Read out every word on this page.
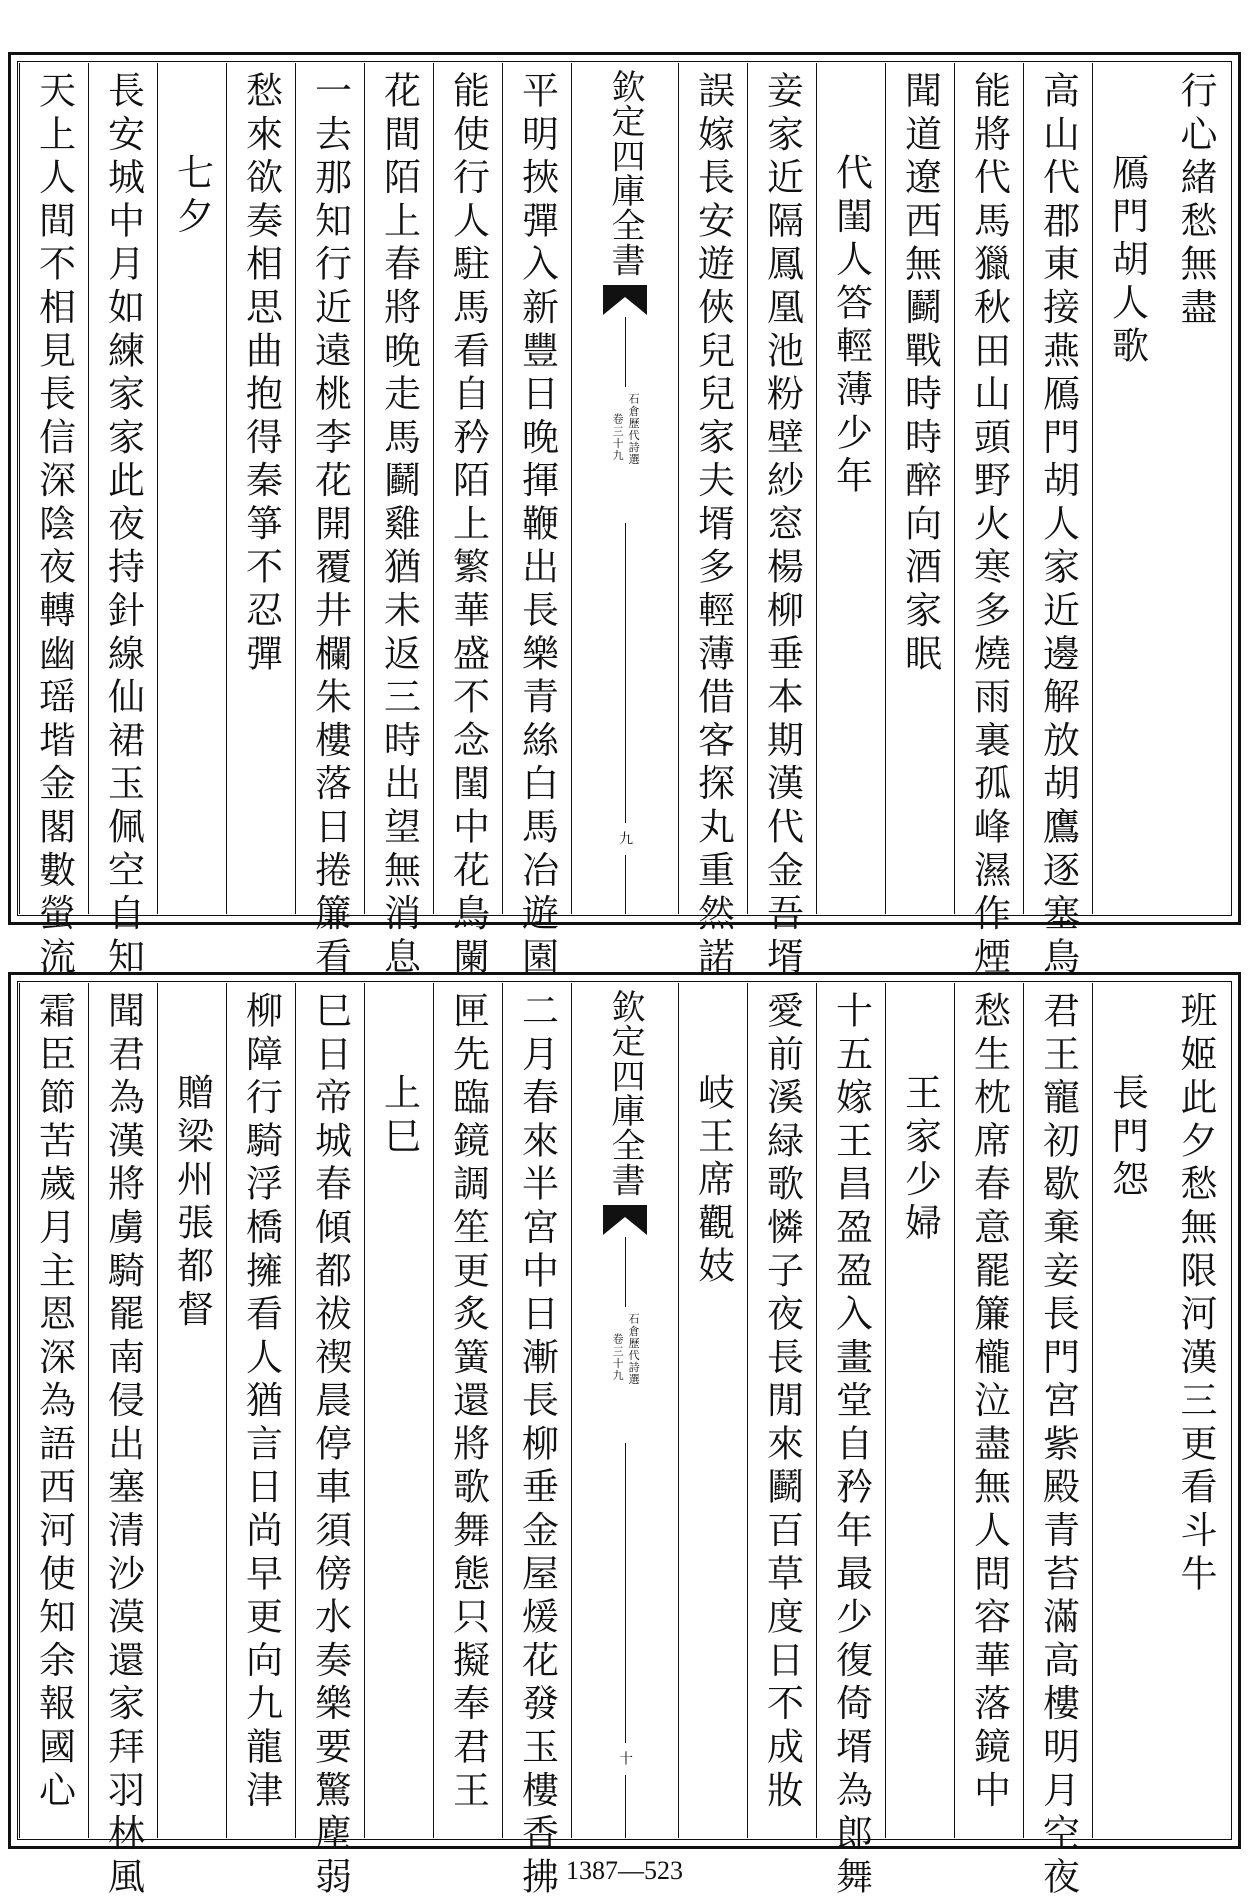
行心緒愁無盡
鴈門胡人歌
高山代郡東接燕鴈門胡人家近邊解放胡鷹逐塞鳥
能將代馬獵秋田山頭野火寒多燒雨裏孤峰濕作煙
聞道遼西無鬬戰時時醉向酒家眠
代閨人答輕薄少年
妾家近隔鳳凰池粉壁紗窓楊柳垂本期漢代金吾壻
誤嫁長安遊俠兒兒家夫壻多輕薄借客探丸重然諾
欽定四庫全書
石倉歷代詩選
卷三十九
九
平明挾彈入新豐日晚揮鞭出長樂青絲白馬冶遊園
能使行人駐馬看自矜陌上繁華盛不念閨中花鳥闌
花間陌上春將晚走馬鬬雞猶未返三時出望無消息
一去那知行近遠桃李花開覆井欄朱樓落日捲簾看
愁來欲奏相思曲抱得秦箏不忍彈
七夕
長安城中月如練家家此夜持針線仙裙玉佩空自知
天上人間不相見長信深陰夜轉幽瑶堦金閣數螢流
班姬此夕愁無限河漢三更看斗牛
長門怨
君王寵初歇棄妾長門宮紫殿青苔滿高樓明月空夜
愁生枕席春意罷簾櫳泣盡無人問容華落鏡中
王家少婦
十五嫁王昌盈盈入畫堂自矜年最少復倚壻為郎舞
愛前溪緑歌憐子夜長閒來鬬百草度日不成妝
岐王席觀妓
欽定四庫全書
石倉歷代詩選
卷三十九
十
二月春來半宮中日漸長柳垂金屋煖花發玉樓香拂
匣先臨鏡調笙更炙簧還將歌舞態只擬奉君王
上巳
巳日帝城春傾都祓禊晨停車須傍水奏樂要驚塵弱
柳障行騎浮橋擁看人猶言日尚早更向九龍津
贈梁州張都督
聞君為漢將虜騎罷南侵出塞清沙漠還家拜羽林風
霜臣節苦歲月主恩深為語西河使知余報國心
1387—523
